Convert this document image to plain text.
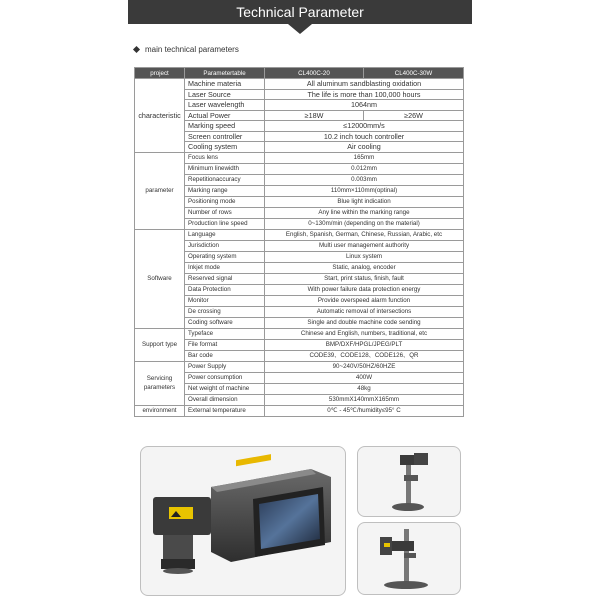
Technical Parameter
main technical parameters
project	Parametertable	CL400C-20	CL400C-30W
characteristic	Machine materia	All aluminum sandblasting oxidation	
	Laser Source	The life is more than 100,000 hours	
	Laser wavelength	1064nm	
	Actual Power	≥18W	≥26W
	Marking speed	≤12000mm/s	
	Screen controller	10.2 inch touch controller	
	Cooling system	Air cooling	
parameter	Focus lens	165mm	
	Minimum linewidth	0.012mm	
	Repetitionaccuracy	0.003mm	
	Marking range	110mm×110mm(optinal)	
	Positioning mode	Blue light indication	
	Number of rows	Any line within the marking range	
	Production line speed	0~130m/min (depending on the material)	
Software	Language	English, Spanish, German, Chinese, Russian, Arabic, etc	
	Jurisdiction	Multi user management authority	
	Operating system	Linux system	
	Inkjet mode	Static, analog, encoder	
	Reserved signal	Start, print status, finish, fault	
	Data Protection	With power failure data protection energy	
	Monitor	Provide overspeed alarm function	
	De crossing	Automatic removal of intersections	
	Coding software	Single and double machine code sending	
Support type	Typeface	Chinese and English, numbers, traditional, etc	
	File format	BMP/DXF/HPGL/JPEG/PLT	
	Bar code	CODE39、CODE128、CODE126、QR	
Servicing parameters	Power Supply	90~240V/50HZ/60HZE	
	Power consumption	400W	
	Net weight of machine	48kg	
	Overall dimension	530mmX140mmX165mm	
environment	External temperature	0℃ - 45℃/humidity≤95° C	
